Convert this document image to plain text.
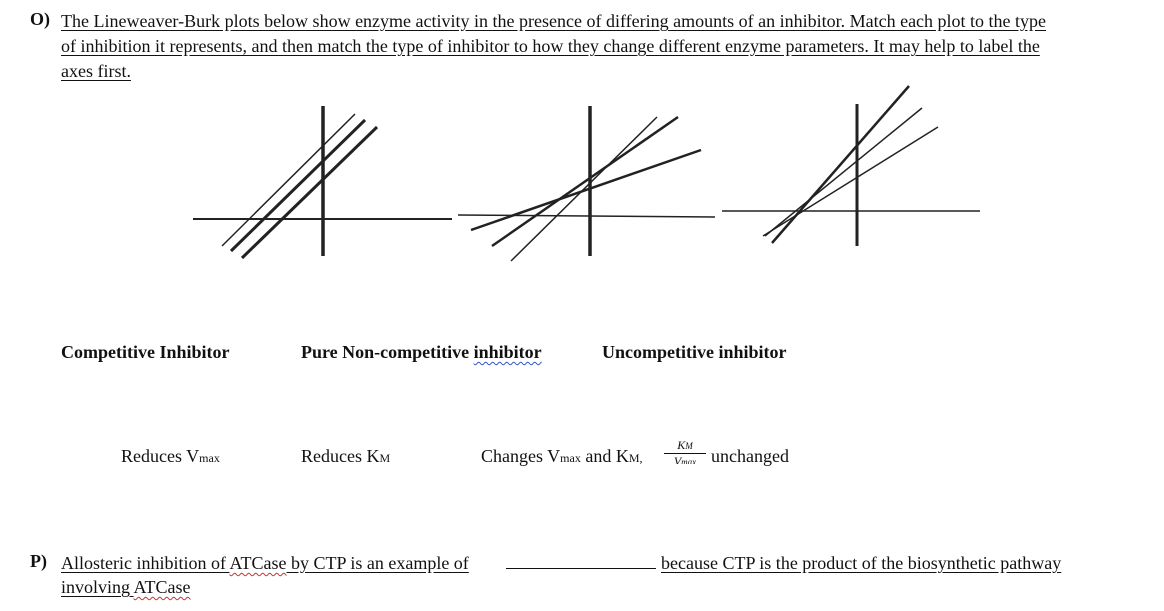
O) The Lineweaver-Burk plots below show enzyme activity in the presence of differing amounts of an inhibitor. Match each plot to the type
of inhibition it represents, and then match the type of inhibitor to how they change different enzyme parameters. It may help to label the
axes first.
Competitive Inhibitor	Pure Non-competitive inhibitor	Uncompetitive inhibitor
Reduces Vmax	Reduces KM	Changes Vmax and KM,
KM
Vmax unchanged
P) Allosteric inhibition of ATCase by CTP is an example of	because CTP is the product of the biosynthetic pathway
involving ATCase
